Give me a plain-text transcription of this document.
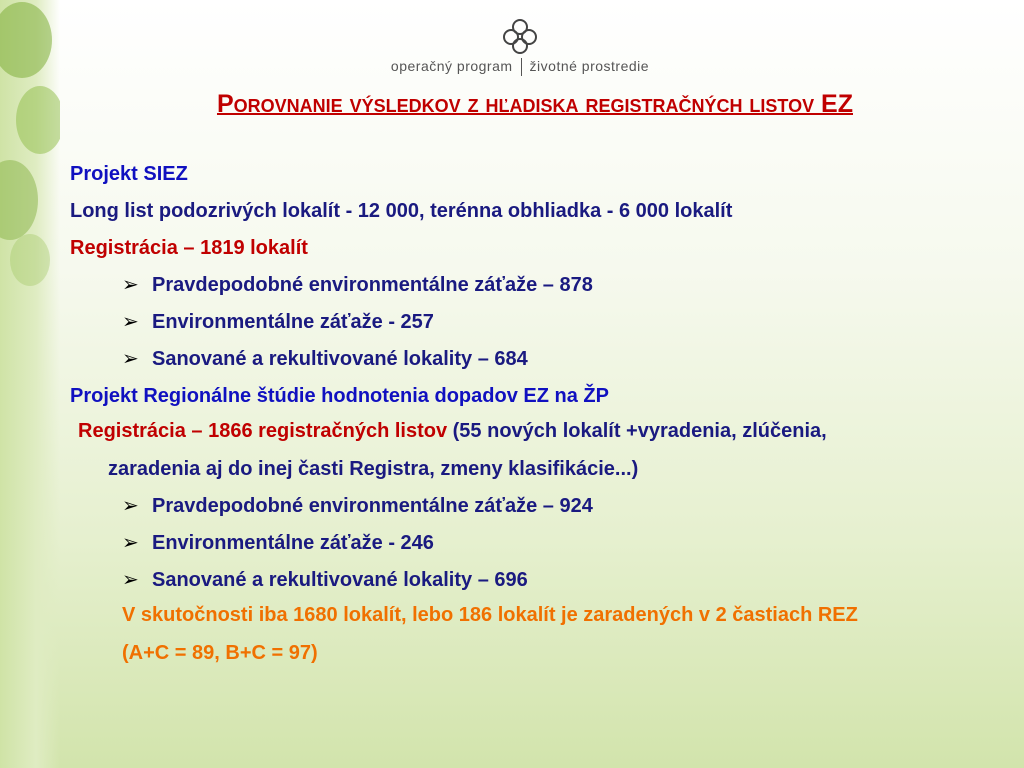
operačný program životné prostredie
Porovnanie výsledkov z hľadiska registračných listov EZ
Projekt SIEZ
Long list podozrivých lokalít - 12 000, terénna obhliadka - 6 000 lokalít
Registrácia – 1819 lokalít
➢ Pravdepodobné environmentálne záťaže – 878
➢ Environmentálne záťaže - 257
➢ Sanované a rekultivované lokality – 684
Projekt Regionálne štúdie hodnotenia dopadov EZ na ŽP
Registrácia – 1866 registračných listov (55 nových lokalít +vyradenia, zlúčenia,
zaradenia aj do inej časti Registra, zmeny klasifikácie...)
➢ Pravdepodobné environmentálne záťaže – 924
➢ Environmentálne záťaže - 246
➢ Sanované a rekultivované lokality – 696
V skutočnosti iba 1680 lokalít, lebo 186 lokalít je zaradených v 2 častiach REZ
(A+C = 89, B+C = 97)
